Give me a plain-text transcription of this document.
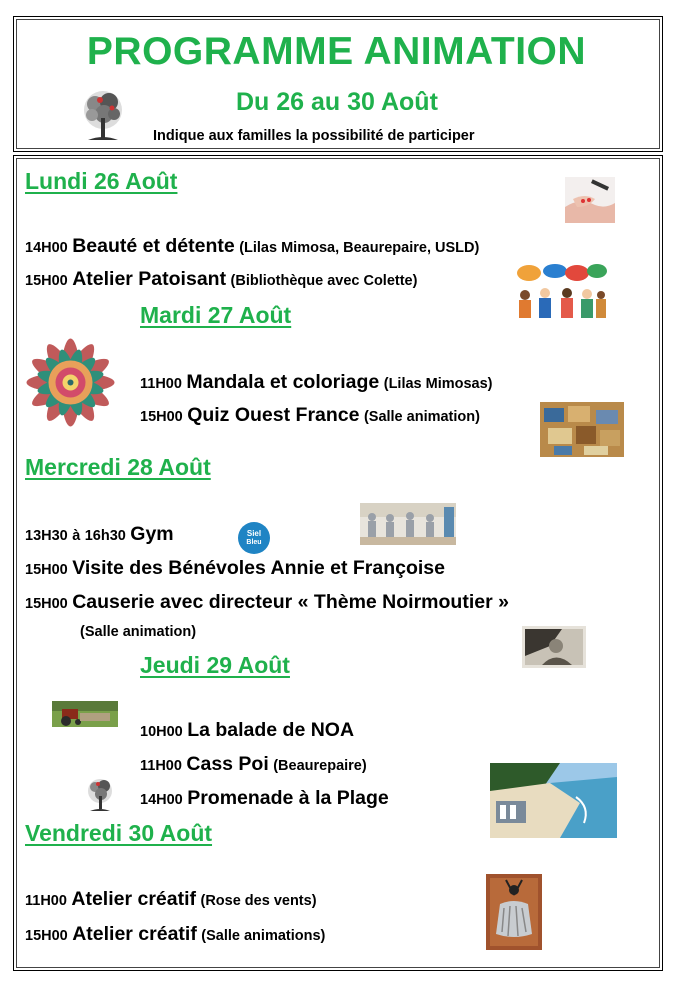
PROGRAMME ANIMATION
Du 26 au 30 Août
Indique aux familles la possibilité de participer
Lundi 26 Août
14H00 Beauté et détente (Lilas Mimosa, Beaurepaire, USLD)
15H00 Atelier Patoisant (Bibliothèque avec Colette)
Mardi 27 Août
11H00 Mandala et coloriage (Lilas Mimosas)
15H00 Quiz Ouest France (Salle animation)
Mercredi 28 Août
13H30 à 16h30 Gym	Siel
Bleu
15H00 Visite des Bénévoles Annie et Françoise
15H00 Causerie avec directeur « Thème Noirmoutier »
(Salle animation)
Jeudi 29 Août
10H00 La balade de NOA
11H00 Cass Poi (Beaurepaire)
14H00 Promenade à la Plage
Vendredi 30 Août
11H00 Atelier créatif (Rose des vents)
15H00 Atelier créatif (Salle animations)
